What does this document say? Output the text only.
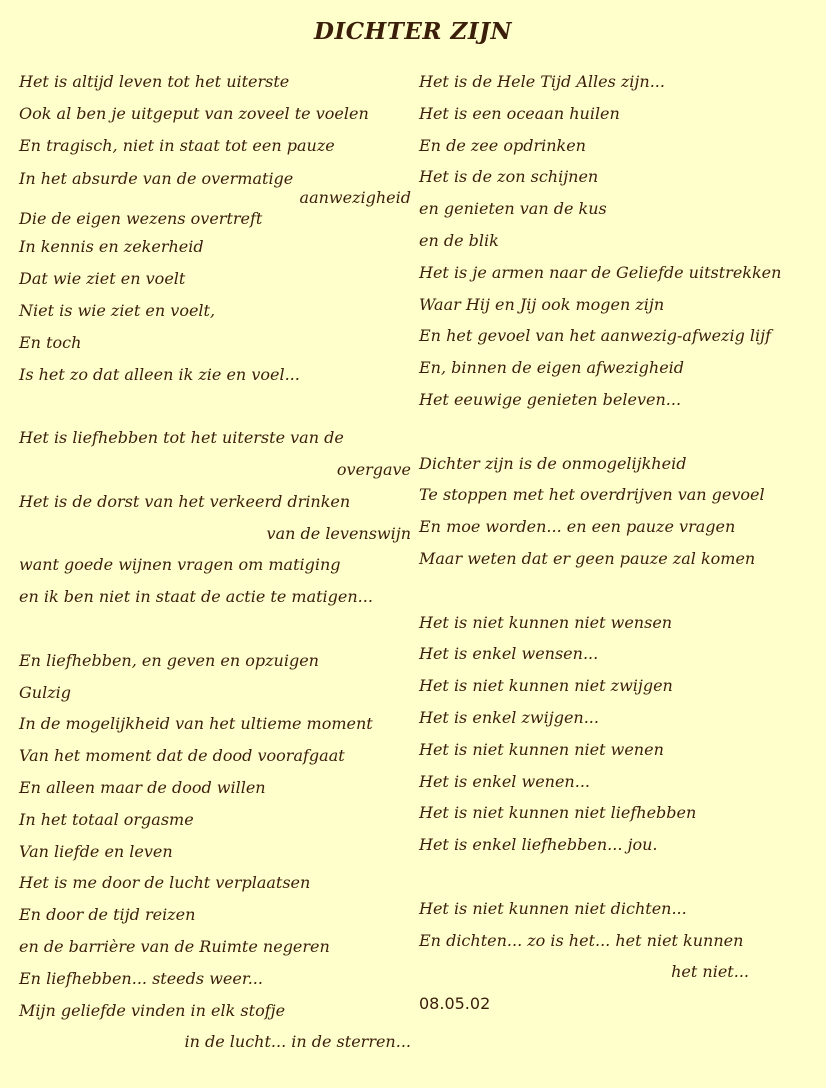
DICHTER ZIJN
Het is altijd leven tot het uiterste
Ook al ben je uitgeput van zoveel te voelen
En tragisch, niet in staat tot een pauze
In het absurde van de overmatige
aanwezigheid
Die de eigen wezens overtreft
In kennis en zekerheid
Dat wie ziet en voelt
Niet is wie ziet en voelt,
En toch
Is het zo dat alleen ik zie en voel...
Het is liefhebben tot het uiterste van de
overgave
Het is de dorst van het verkeerd drinken
van de levenswijn
want goede wijnen vragen om matiging
en ik ben niet in staat de actie te matigen...
En liefhebben, en geven en opzuigen
Gulzig
In de mogelijkheid van het ultieme moment
Van het moment dat de dood voorafgaat
En alleen maar de dood willen
In het totaal orgasme
Van liefde en leven
Het is me door de lucht verplaatsen
En door de tijd reizen
en de barrière van de Ruimte negeren
En liefhebben... steeds weer...
Mijn geliefde vinden in elk stofje
in de lucht... in de sterren...
Het is de Hele Tijd Alles zijn...
Het is een oceaan huilen
En de zee opdrinken
Het is de zon schijnen
en genieten van de kus
en de blik
Het is je armen naar de Geliefde uitstrekken
Waar Hij en Jij ook mogen zijn
En het gevoel van het aanwezig-afwezig lijf
En, binnen de eigen afwezigheid
Het eeuwige genieten beleven...
Dichter zijn is de onmogelijkheid
Te stoppen met het overdrijven van gevoel
En moe worden... en een pauze vragen
Maar weten dat er geen pauze zal komen
Het is niet kunnen niet wensen
Het is enkel wensen...
Het is niet kunnen niet zwijgen
Het is enkel zwijgen...
Het is niet kunnen niet wenen
Het is enkel wenen...
Het is niet kunnen niet liefhebben
Het is enkel liefhebben... jou.
Het is niet kunnen niet dichten...
En dichten... zo is het... het niet kunnen
het niet...
08.05.02
